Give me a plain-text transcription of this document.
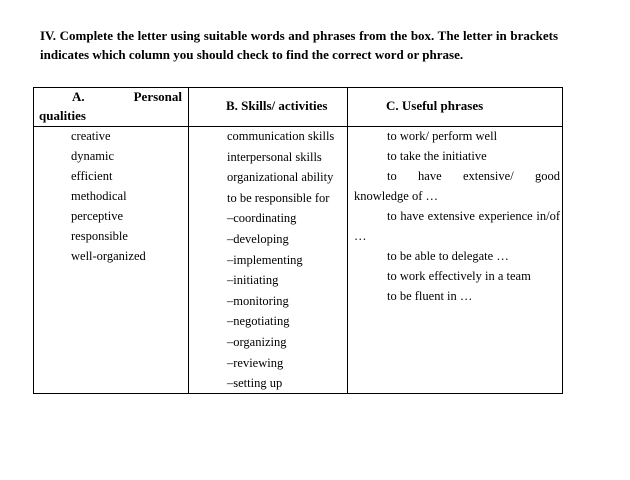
IV. Complete the letter using suitable words and phrases from the box. The letter in brackets indicates which column you should check to find the correct word or phrase.
A.	Personal
qualities
B. Skills/ activities	C. Useful phrases
creative
dynamic
efficient
methodical
perceptive
responsible
well-organized
communication skills
interpersonal skills
organizational ability
to be responsible for
–coordinating
–developing
–implementing
–initiating
–monitoring
–negotiating
–organizing
–reviewing
–setting up
to work/ perform well
to take the initiative
to have extensive/ good knowledge of …
to have extensive experience in/of …
to be able to delegate …
to work effectively in a team
to be fluent in …
